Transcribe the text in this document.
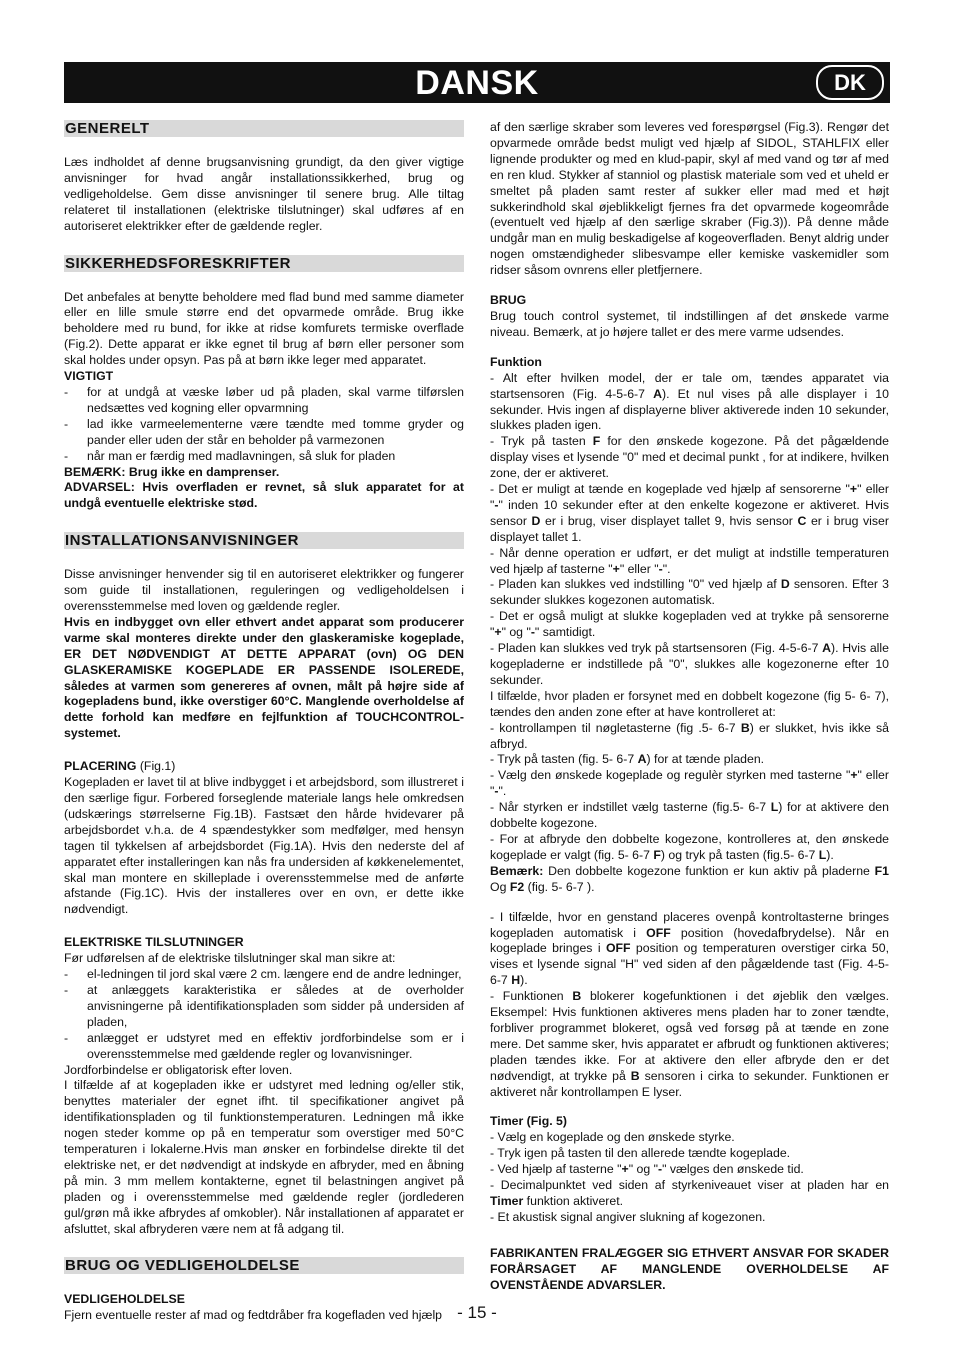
DANSK	DK
GENERELT

Læs indholdet af denne brugsanvisning grundigt, da den giver vigtige anvisninger for hvad angår installationssikkerhed, brug og vedligeholdelse. Gem disse anvisninger til senere brug. Alle tiltag relateret til installationen (elektriske tilslutninger) skal udføres af en autoriseret elektrikker efter de gældende regler.

SIKKERHEDSFORESKRIFTER

Det anbefales at benytte beholdere med flad bund med samme diameter eller en lille smule større end det opvarmede område. Brug ikke beholdere med ru bund, for ikke at ridse komfurets termiske overflade (Fig.2). Dette apparat er ikke egnet til brug af børn eller personer som skal holdes under opsyn. Pas på at børn ikke leger med apparatet.

VIGTIGT

- for at undgå at væske løber ud på pladen, skal varme tilførslen nedsættes ved kogning eller opvarmning
- lad ikke varmeelementerne være tændte med tomme gryder og pander eller uden der står en beholder på varmezonen
- når man er færdig med madlavningen, så sluk for pladen

BEMÆRK: Brug ikke en damprenser.

ADVARSEL: Hvis overfladen er revnet, så sluk apparatet for at undgå eventuelle elektriske stød.

INSTALLATIONSANVISNINGER

Disse anvisninger henvender sig til en autoriseret elektrikker og fungerer som guide til installationen, reguleringen og vedligeholdelsen i overensstemmelse med loven og gældende regler.

Hvis en indbygget ovn eller ethvert andet apparat som producerer varme skal monteres direkte under den glaskeramiske kogeplade, ER DET NØDVENDIGT AT DETTE APPARAT (ovn) OG DEN GLASKERAMISKE KOGEPLADE ER PASSENDE ISOLEREDE, således at varmen som genereres af ovnen, målt på højre side af kogepladens bund, ikke overstiger 60°C. Manglende overholdelse af dette forhold kan medføre en fejlfunktion af TOUCHCONTROL-systemet.

PLACERING (Fig.1)

Kogepladen er lavet til at blive indbygget i et arbejdsbord, som illustreret i den særlige figur. Forbered forseglende materiale langs hele omkredsen (udskærings størrelserne Fig.1B). Fastsæt den hårde hvidevarer på arbejdsbordet v.h.a. de 4 spændestykker som medfølger, med hensyn tagen til tykkelsen af arbejdsbordet (Fig.1A). Hvis den nederste del af apparatet efter installeringen kan nås fra undersiden af køkkenelementet, skal man montere en skilleplade i overensstemmelse med de anførte afstande (Fig.1C). Hvis der installeres over en ovn, er dette ikke nødvendigt.

ELEKTRISKE TILSLUTNINGER

Før udførelsen af de elektriske tilslutninger skal man sikre at:

- el-ledningen til jord skal være 2 cm. længere end de andre ledninger,
- at anlæggets karakteristika er således at de overholder anvisningerne på identifikationspladen som sidder på undersiden af pladen,
- anlægget er udstyret med en effektiv jordforbindelse som er i overensstemmelse med gældende regler og lovanvisninger.

Jordforbindelse er obligatorisk efter loven.

I tilfælde af at kogepladen ikke er udstyret med ledning og/eller stik, benyttes materialer der egnet ifht. til specifikationer angivet på identifikationspladen og til funktionstemperaturen. Ledningen må ikke nogen steder komme op på en temperatur som overstiger med 50°C temperaturen i lokalerne.Hvis man ønsker en forbindelse direkte til det elektriske net, er det nødvendigt at indskyde en afbryder, med en åbning på min. 3 mm mellem kontakterne, egnet til belastningen angivet på pladen og i overensstemmelse med gældende regler (jordlederen gul/grøn må ikke afbrydes af omkobler). Når installationen af apparatet er afsluttet, skal afbryderen være nem at få adgang til.

BRUG OG VEDLIGEHOLDELSE

VEDLIGEHOLDELSE

Fjern eventuelle rester af mad og fedtdråber fra kogefladen ved hjælp

af den særlige skraber som leveres ved forespørgsel (Fig.3). Rengør det opvarmede område bedst muligt ved hjælp af SIDOL, STAHLFIX eller lignende produkter og med en klud-papir, skyl af med vand og tør af med en ren klud. Stykker af stanniol og plastisk materiale som ved et uheld er smeltet på pladen samt rester af sukker eller mad med et højt sukkerindhold skal øjeblikkeligt fjernes fra det opvarmede kogeområde (eventuelt ved hjælp af den særlige skraber (Fig.3)). På denne måde undgår man en mulig beskadigelse af kogeoverfladen. Benyt aldrig under nogen omstændigheder slibesvampe eller kemiske vaskemidler som ridser såsom ovnrens eller pletfjernere.

BRUG

Brug touch control systemet, til indstillingen af det ønskede varme niveau. Bemærk, at jo højere tallet er des mere varme udsendes.

Funktion

- Alt efter hvilken model, der er tale om, tændes apparatet via startsensoren (Fig. 4-5-6-7 A). Et nul vises på alle displayer i 10 sekunder. Hvis ingen af displayerne bliver aktiverede inden 10 sekunder, slukkes pladen igen.

- Tryk på tasten F for den ønskede kogezone. På det pågældende display vises et lysende "0" med et decimal punkt , for at indikere, hvilken zone, der er aktiveret.

- Det er muligt at tænde en kogeplade ved hjælp af sensorerne "+" eller "-" inden 10 sekunder efter at den enkelte kogezone er aktiveret. Hvis sensor D er i brug, viser displayet tallet 9, hvis sensor C er i brug viser displayet tallet 1.

- Når denne operation er udført, er det muligt at indstille temperaturen ved hjælp af tasterne "+" eller "-".

- Pladen kan slukkes ved indstilling "0" ved hjælp af D sensoren. Efter 3 sekunder slukkes kogezonen automatisk.

- Det er også muligt at slukke kogepladen ved at trykke på sensorerne "+" og "-" samtidigt.

- Pladen kan slukkes ved tryk på startsensoren (Fig. 4-5-6-7 A). Hvis alle kogepladerne er indstillede på "0", slukkes alle kogezonerne efter 10 sekunder.

I tilfælde, hvor pladen er forsynet med en dobbelt kogezone (fig 5- 6- 7), tændes den anden zone efter at have kontrolleret at:

- kontrollampen til nøgletasterne (fig .5- 6-7 B) er slukket, hvis ikke så afbryd.

- Tryk på tasten (fig. 5- 6-7 A) for at tænde pladen.

- Vælg den ønskede kogeplade og regulèr styrken med tasterne "+" eller "-".

- Når styrken er indstillet vælg tasterne (fig.5- 6-7 L) for at aktivere den dobbelte kogezone.

- For at afbryde den dobbelte kogezone, kontrolleres at, den ønskede kogeplade er valgt (fig. 5- 6-7 F) og tryk på tasten (fig.5- 6-7 L).

Bemærk: Den dobbelte kogezone funktion er kun aktiv på pladerne F1 Og F2 (fig. 5- 6-7 ).

- I tilfælde, hvor en genstand placeres ovenpå kontroltasterne bringes kogepladen automatisk i OFF position (hovedafbrydelse). Når en kogeplade bringes i OFF position og temperaturen overstiger cirka 50, vises et lysende signal "H" ved siden af den pågældende tast (Fig. 4-5- 6-7 H).

- Funktionen B blokerer kogefunktionen i det øjeblik den vælges. Eksempel: Hvis funktionen aktiveres mens pladen har to zoner tændte, forbliver programmet blokeret, også ved forsøg på at tænde en zone mere. Det samme sker, hvis apparatet er afbrudt og funktionen aktiveres; pladen tændes ikke. For at aktivere den eller afbryde den er det nødvendigt, at trykke på B sensoren i cirka to sekunder. Funktionen er aktiveret når kontrollampen E lyser.

Timer (Fig. 5)

- Vælg en kogeplade og den ønskede styrke.

- Tryk igen på tasten til den allerede tændte kogeplade.

- Ved hjælp af tasterne "+" og "-" vælges den ønskede tid.

- Decimalpunktet ved siden af styrkeniveauet viser at pladen har en Timer funktion aktiveret.

- Et akustisk signal angiver slukning af kogezonen.

FABRIKANTEN FRALÆGGER SIG ETHVERT ANSVAR FOR SKADER FORÅRSAGET AF MANGLENDE OVERHOLDELSE AF OVENSTÅENDE ADVARSLER.

- 15 -
